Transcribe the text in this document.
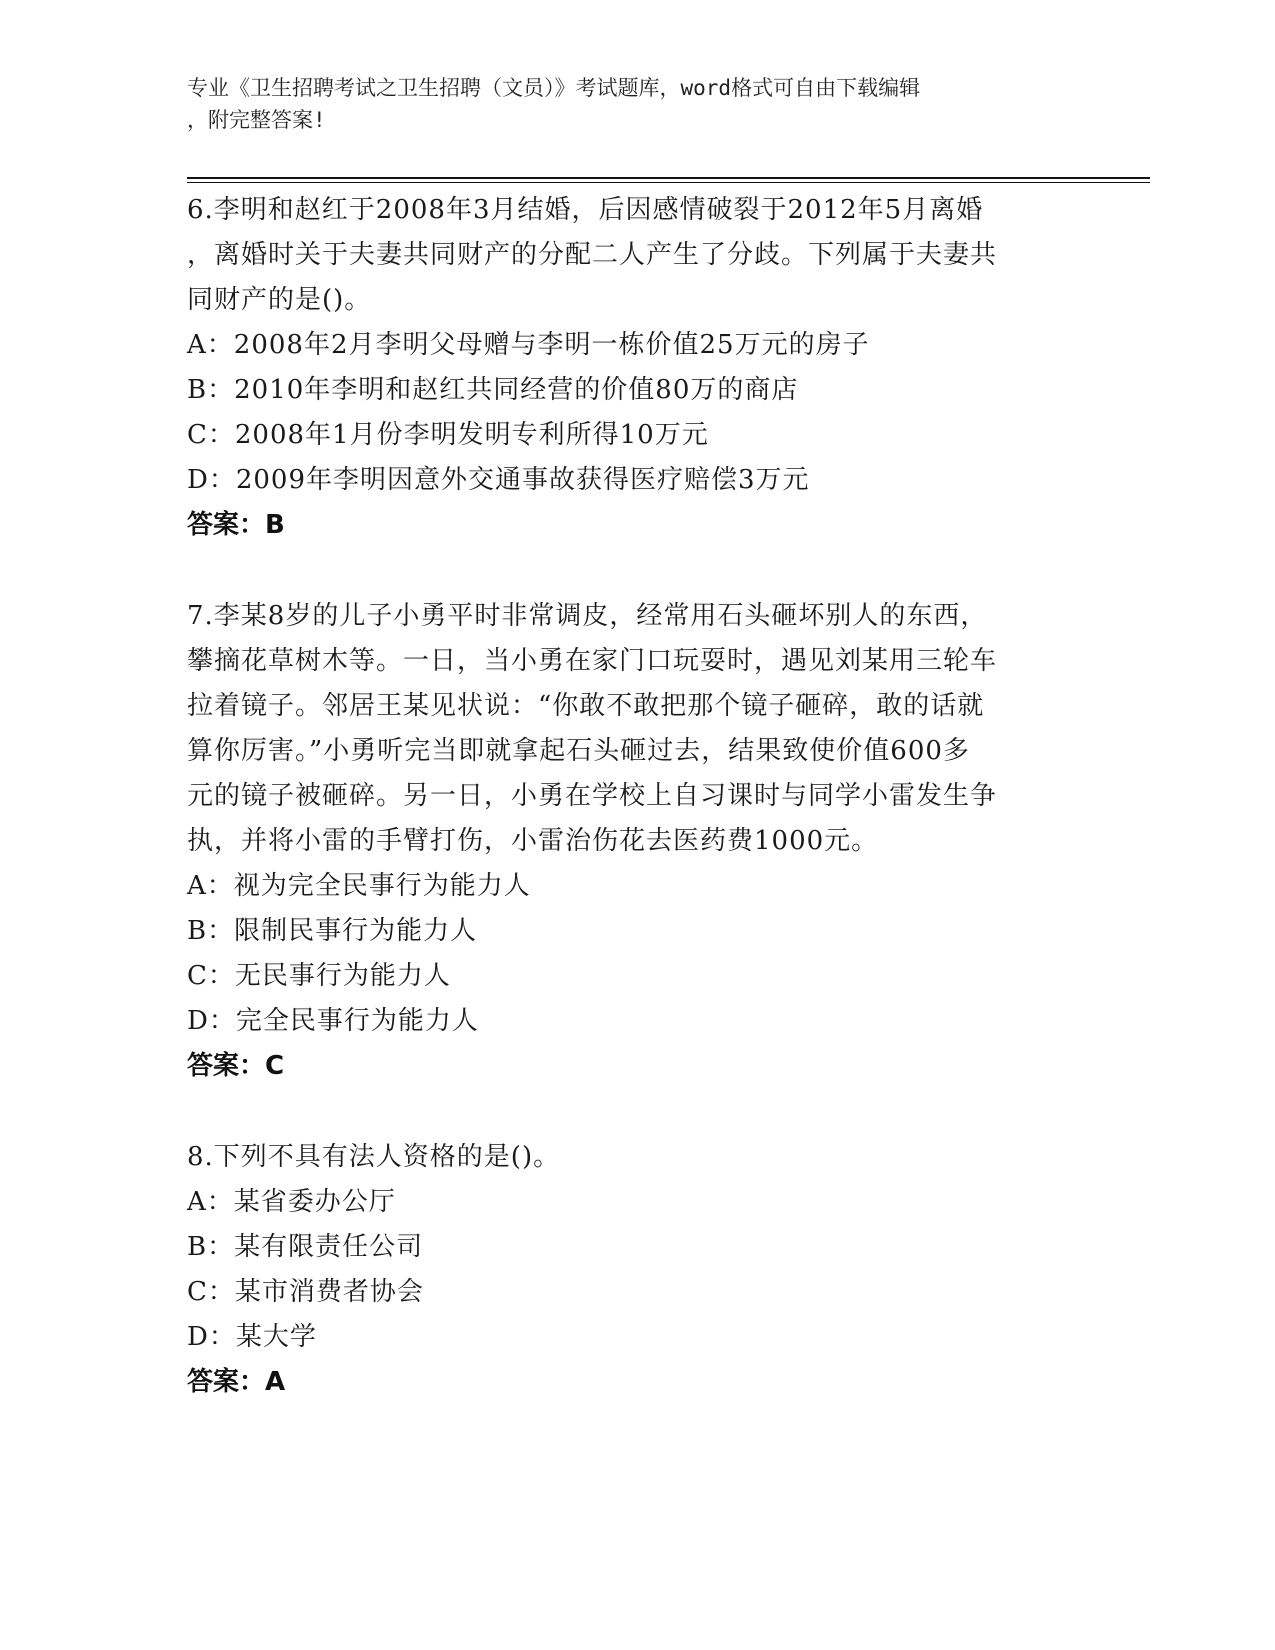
专业《卫生招聘考试之卫生招聘（文员）》考试题库，word格式可自由下载编辑
，附完整答案!
6.李明和赵红于2008年3月结婚，后因感情破裂于2012年5月离婚
，离婚时关于夫妻共同财产的分配二人产生了分歧。下列属于夫妻共
同财产的是()。
A：2008年2月李明父母赠与李明一栋价值25万元的房子
B：2010年李明和赵红共同经营的价值80万的商店
C：2008年1月份李明发明专利所得10万元
D：2009年李明因意外交通事故获得医疗赔偿3万元
答案：B
7.李某8岁的儿子小勇平时非常调皮，经常用石头砸坏别人的东西，
攀摘花草树木等。一日，当小勇在家门口玩耍时，遇见刘某用三轮车
拉着镜子。邻居王某见状说：“你敢不敢把那个镜子砸碎，敢的话就
算你厉害。”小勇听完当即就拿起石头砸过去，结果致使价值600多
元的镜子被砸碎。另一日，小勇在学校上自习课时与同学小雷发生争
执，并将小雷的手臂打伤，小雷治伤花去医药费1000元。
A：视为完全民事行为能力人
B：限制民事行为能力人
C：无民事行为能力人
D：完全民事行为能力人
答案：C
8.下列不具有法人资格的是()。
A：某省委办公厅
B：某有限责任公司
C：某市消费者协会
D：某大学
答案：A
